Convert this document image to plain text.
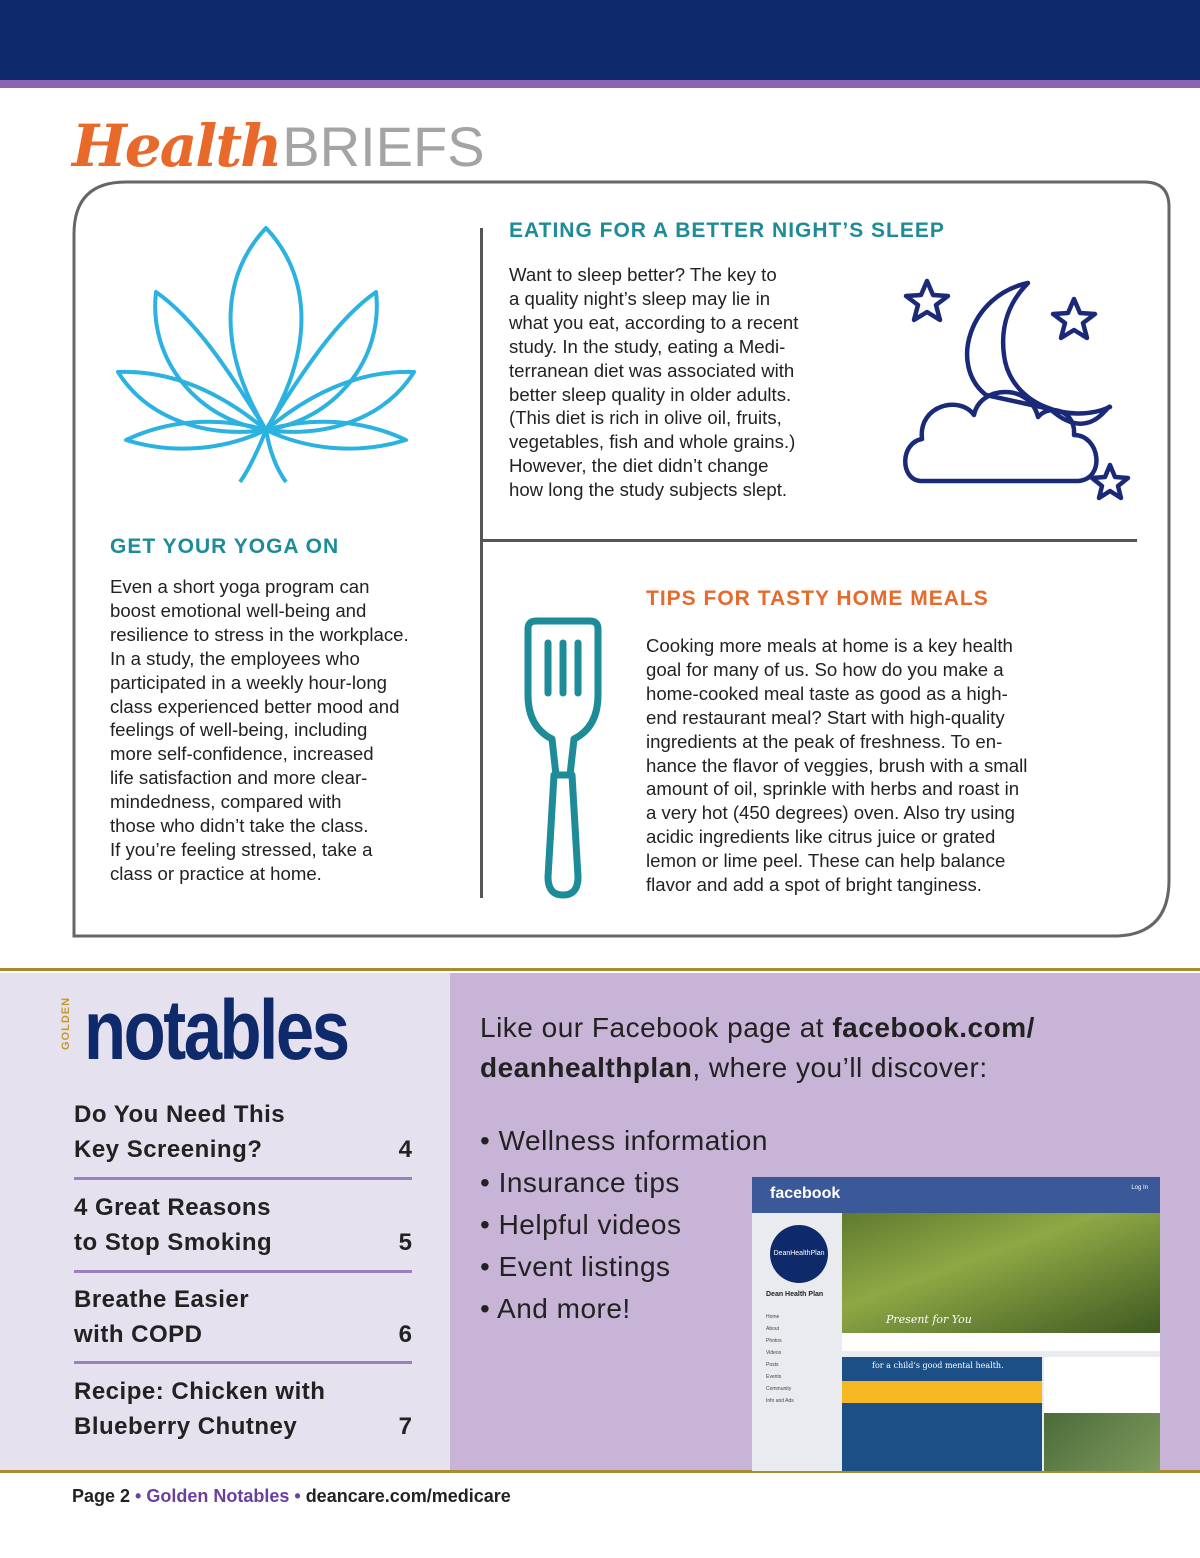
HealthBRIEFS
GET YOUR YOGA ON
Even a short yoga program can
boost emotional well-being and
resilience to stress in the workplace.
In a study, the employees who
participated in a weekly hour-long
class experienced better mood and
feelings of well-being, including
more self-confidence, increased
life satisfaction and more clear-
mindedness, compared with
those who didn’t take the class.
If you’re feeling stressed, take a
class or practice at home.
EATING FOR A BETTER NIGHT’S SLEEP
Want to sleep better? The key to
a quality night’s sleep may lie in
what you eat, according to a recent
study. In the study, eating a Medi-
terranean diet was associated with
better sleep quality in older adults.
(This diet is rich in olive oil, fruits,
vegetables, fish and whole grains.)
However, the diet didn’t change
how long the study subjects slept.
TIPS FOR TASTY HOME MEALS
Cooking more meals at home is a key health
goal for many of us. So how do you make a
home-cooked meal taste as good as a high-
end restaurant meal? Start with high-quality
ingredients at the peak of freshness. To en-
hance the flavor of veggies, brush with a small
amount of oil, sprinkle with herbs and roast in
a very hot (450 degrees) oven. Also try using
acidic ingredients like citrus juice or grated
lemon or lime peel. These can help balance
flavor and add a spot of bright tanginess.
GOLDEN notables
Do You Need This
Key Screening?	4
4 Great Reasons
to Stop Smoking	5
Breathe Easier
with COPD	6
Recipe: Chicken with
Blueberry Chutney	7

Like our Facebook page at facebook.com/
deanhealthplan, where you’ll discover:

• Wellness information
• Insurance tips
• Helpful videos
• Event listings
• And more!
facebook	Log In
DeanHealthPlan
Dean Health Plan
Home
About
Photos
Videos
Posts
Events
Community
Info and Ads
Present for You
for a child’s good mental health.
Page 2 • Golden Notables • deancare.com/medicare
